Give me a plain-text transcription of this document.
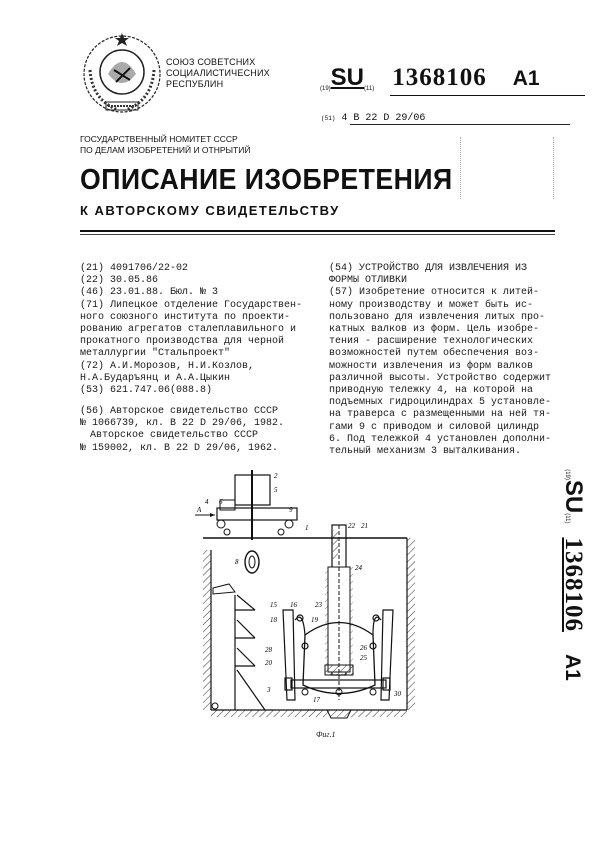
СОЮЗ СОВЕТСНИХ
СОЦИАЛИСТИЧЕСНИХ
РЕСПУБЛИН	(19)SU(11) 1368106 A1
(51) 4 В 22 D 29/06
ГОСУДАРСТВЕННЫЙ НОМИТЕТ СССР
ПО ДЕЛАМ ИЗОБРЕТЕНИЙ И ОТНРЫТИЙ
ОПИСАНИЕ ИЗОБРЕТЕНИЯ
К АВТОРСКОМУ СВИДЕТЕЛЬСТВУ
(21) 4091706/22-02
(22) 30.05.86
(46) 23.01.88. Бюл. № 3
(71) Липецкое отделение Государствен-
ного союзного института по проекти-
рованию агрегатов сталеплавильного и
прокатного производства для черной
металлургии "Стальпроект"
(72) А.И.Морозов, Н.И.Козлов,
Н.А.Бударъянц и А.А.Цыкин
(53) 621.747.06(088.8)
(56) Авторское свидетельство СССР
№ 1066739, кл. В 22 D 29/06, 1982.
Авторское свидетельство СССР
№ 159002, кл. В 22 D 29/06, 1962.
(54) УСТРОЙСТВО ДЛЯ ИЗВЛЕЧЕНИЯ ИЗ
ФОРМЫ ОТЛИВКИ
(57) Изобретение относится к литей-
ному производству и может быть ис-
пользовано для извлечения литых про-
катных валков из форм. Цель изобре-
тения - расширение технологических
возможностей путем обеспечения воз-
можности извлечения из форм валков
различной высоты. Устройство содержит
приводную тележку 4, на которой на
подъемных гидроцилиндрах 5 установле-
на траверса с размещенными на ней тя-
гами 9 с приводом и силовой цилиндр
6. Под тележкой 4 установлен дополни-
тельный механизм 3 выталкивания.
(19)SU(11) 1368106 A1
2
5
4 6
9
А
1
8
22 21
24
15 16	23
18	19
28	26
25
20
3
17
30
Фиг.1
